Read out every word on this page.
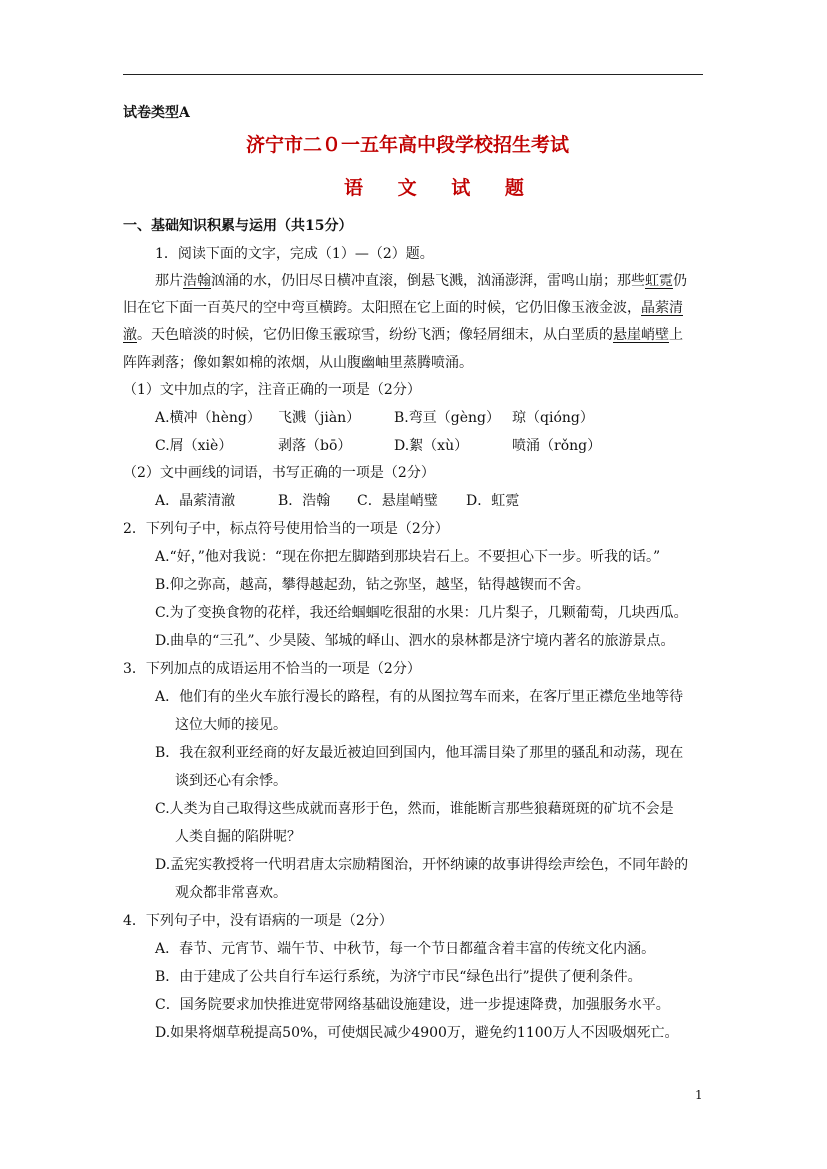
试卷类型A
济宁市二０一五年高中段学校招生考试
语 文 试 题
一、基础知识积累与运用（共15分）
1．阅读下面的文字，完成（1）—（2）题。
那片浩翰汹涌的水，仍旧尽日横冲直滚，倒悬飞溅，汹涌澎湃，雷鸣山崩；那些虹霓仍
旧在它下面一百英尺的空中弯亘横跨。太阳照在它上面的时候，它仍旧像玉液金波，晶萦清
澈。天色暗淡的时候，它仍旧像玉霰琼雪，纷纷飞洒；像轻屑细末，从白垩质的悬崖峭壁上
阵阵剥落；像如絮如棉的浓烟，从山腹幽岫里蒸腾喷涌。
（1）文中加点的字，注音正确的一项是（2分）
A.横冲（hèng） 飞溅（jiàn） B.弯亘（gèng） 琼（qióng）
C.屑（xiè）	剥落（bō）	D.絮（xù）	喷涌（rǒng）
（2）文中画线的词语，书写正确的一项是（2分）
A．晶萦清澈	B．浩翰 C．悬崖峭璧 D．虹霓
2．下列句子中，标点符号使用恰当的一项是（2分）
A.“好，”他对我说：“现在你把左脚踏到那块岩石上。不要担心下一步。听我的话。”
B.仰之弥高，越高，攀得越起劲，钻之弥坚，越坚，钻得越锲而不舍。
C.为了变换食物的花样，我还给蝈蝈吃很甜的水果：几片梨子，几颗葡萄，几块西瓜。
D.曲阜的“三孔”、少昊陵、邹城的峄山、泗水的泉林都是济宁境内著名的旅游景点。
3．下列加点的成语运用不恰当的一项是（2分）
A．他们有的坐火车旅行漫长的路程，有的从图拉驾车而来，在客厅里正襟危坐地等待
这位大师的接见。
B．我在叙利亚经商的好友最近被迫回到国内，他耳濡目染了那里的骚乱和动荡，现在
谈到还心有余悸。
C.人类为自己取得这些成就而喜形于色，然而，谁能断言那些狼藉斑斑的矿坑不会是
人类自掘的陷阱呢？
D.孟宪实教授将一代明君唐太宗励精图治，开怀纳谏的故事讲得绘声绘色，不同年龄的
观众都非常喜欢。
4．下列句子中，没有语病的一项是（2分）
A．春节、元宵节、端午节、中秋节，每一个节日都蕴含着丰富的传统文化内涵。
B．由于建成了公共自行车运行系统，为济宁市民“绿色出行”提供了便利条件。
C．国务院要求加快推进宽带网络基础设施建设，进一步提速降费，加强服务水平。
D.如果将烟草税提高50%，可使烟民减少4900万，避免约1100万人不因吸烟死亡。
1
